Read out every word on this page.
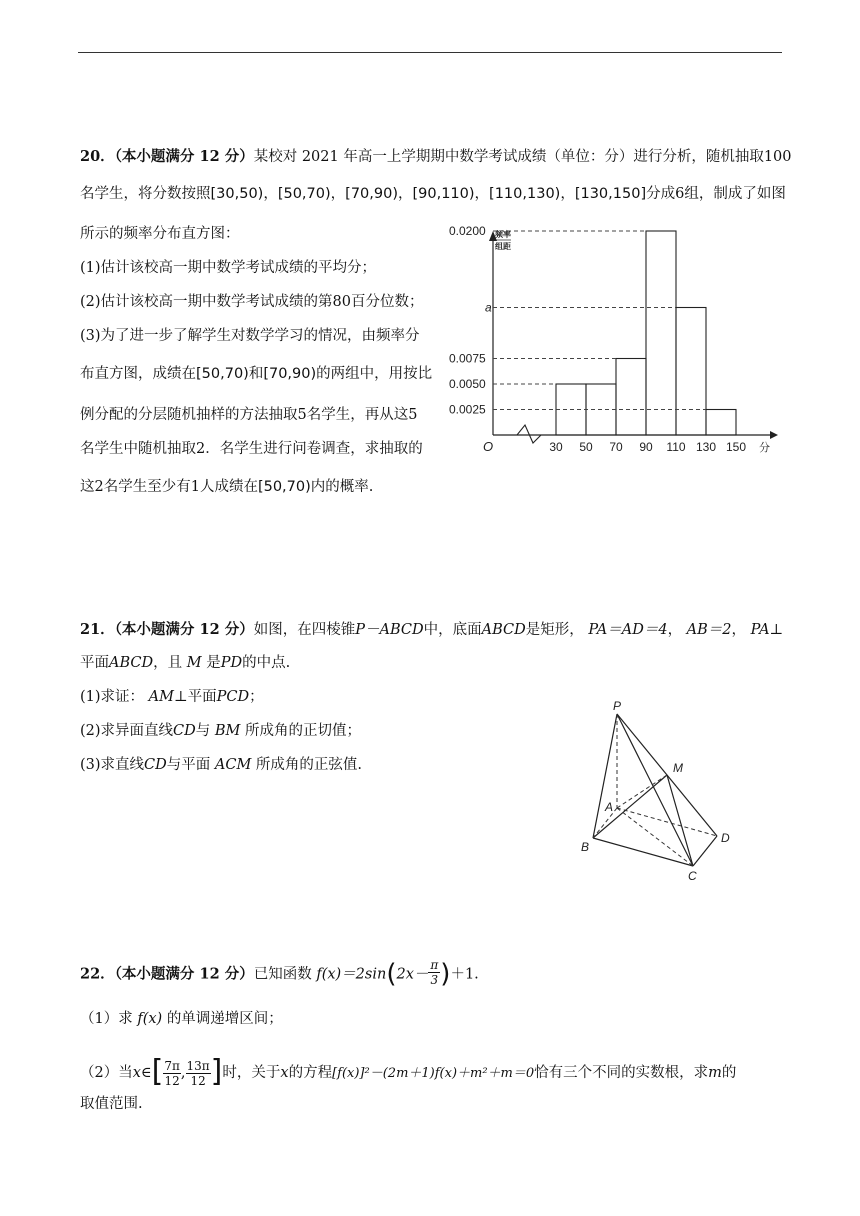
20．（本小题满分 12 分）某校对 2021 年高一上学期期中数学考试成绩（单位：分）进行分析，随机抽取100
名学生，将分数按照[30,50)，[50,70)，[70,90)，[90,110)，[110,130)，[130,150]分成6组，制成了如图
所示的频率分布直方图：
(1)估计该校高一期中数学考试成绩的平均分；
(2)估计该校高一期中数学考试成绩的第80百分位数；
(3)为了进一步了解学生对数学学习的情况，由频率分
布直方图，成绩在[50,70)和[70,90)的两组中，用按比
例分配的分层随机抽样的方法抽取5名学生，再从这5
名学生中随机抽取2．名学生进行问卷调查，求抽取的
这2名学生至少有1人成绩在[50,70)内的概率.
0.0200
a
0.0075
0.0050
0.0025
30 50 70 90 110 130 150
O	分
频率
组距
21．（本小题满分 12 分）如图，在四棱锥P－ABCD中，底面ABCD是矩形， PA＝AD＝4， AB＝2， PA⊥
平面ABCD，且 M 是PD的中点.
(1)求证： AM⊥平面PCD；
(2)求异面直线CD与 BM 所成角的正切值；
(3)求直线CD与平面 ACM 所成角的正弦值.
P
M
A
B
C
D
22．（本小题满分 12 分）已知函数 $f(x)=2\sin(2x- \frac{\pi}{3} )+1$.
（1）求 f(x) 的单调递增区间；
（2）当x∈[ $\frac{7\pi}{12}$ , $\frac{13\pi}{12}$ ]时，关于x的方程[f(x)]²－(2m＋1)f(x)＋m²＋m＝0恰有三个不同的实数根，求m的
取值范围.
